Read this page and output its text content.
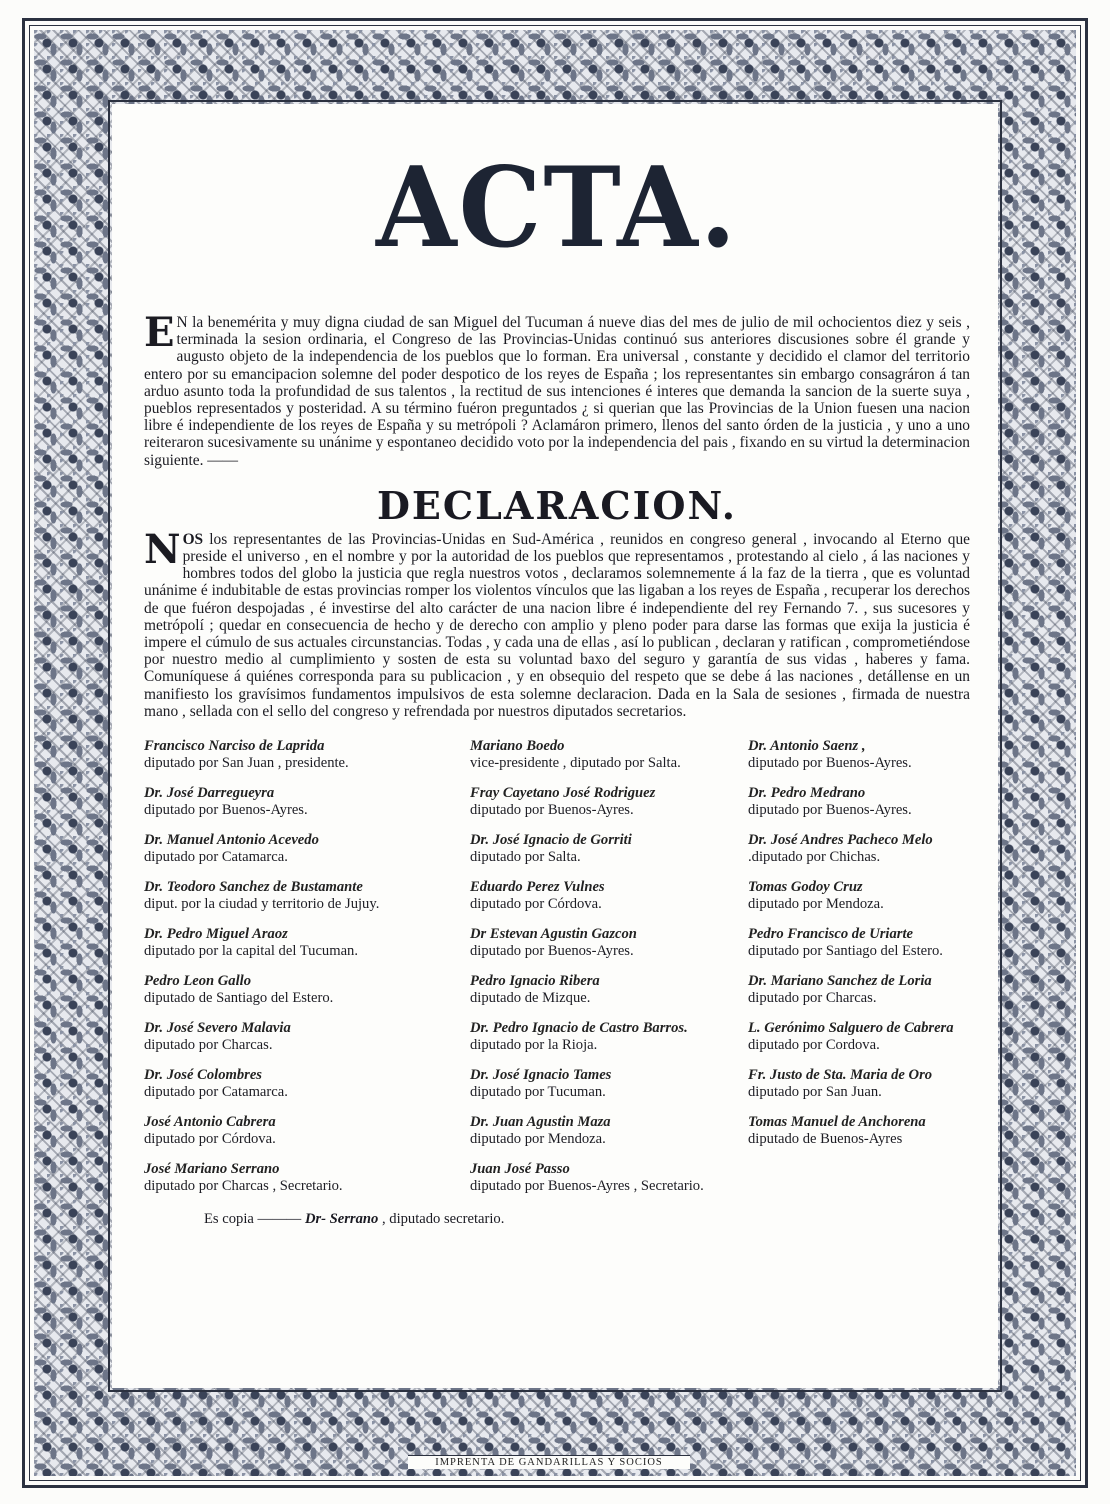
ACTA.

E N la benemérita y muy digna ciudad de san Miguel del Tucuman á nueve dias del mes de julio de mil ochocientos diez y seis , terminada la sesion ordinaria, el Congreso de las Provincias-Unidas continuó sus anteriores discusiones sobre él grande y augusto objeto de la independencia de los pueblos que lo forman. Era universal , constante y decidido el clamor del territorio entero por su emancipacion solemne del poder despotico de los reyes de España ; los representantes sin embargo consagráron á tan arduo asunto toda la profundidad de sus talentos , la rectitud de sus intenciones é interes que demanda la sancion de la suerte suya , pueblos representados y posteridad. A su término fuéron preguntados ¿ si querian que las Provincias de la Union fuesen una nacion libre é independiente de los reyes de España y su metrópoli ? Aclamáron primero, llenos del santo órden de la justicia , y uno a uno reiteraron sucesivamente su unánime y espontaneo decidido voto por la independencia del pais , fixando en su virtud la determinacion siguiente. ——

DECLARACION.

NOS los representantes de las Provincias-Unidas en Sud-América , reunidos en congreso general , invocando al Eterno que preside el universo , en el nombre y por la autoridad de los pueblos que representamos , protestando al cielo , á las naciones y hombres todos del globo la justicia que regla nuestros votos , declaramos solemnemente á la faz de la tierra , que es voluntad unánime é indubitable de estas provincias romper los violentos vínculos que las ligaban a los reyes de España , recuperar los derechos de que fuéron despojadas , é investirse del alto carácter de una nacion libre é independiente del rey Fernando 7. , sus sucesores y metrópolí ; quedar en consecuencia de hecho y de derecho con amplio y pleno poder para darse las formas que exija la justicia é impere el cúmulo de sus actuales circunstancias. Todas , y cada una de ellas , así lo publican , declaran y ratifican , comprometiéndose por nuestro medio al cumplimiento y sosten de esta su voluntad baxo del seguro y garantía de sus vidas , haberes y fama. Comuníquese á quiénes corresponda para su publicacion , y en obsequio del respeto que se debe á las naciones , detállense en un manifiesto los gravísimos fundamentos impulsivos de esta solemne declaracion. Dada en la Sala de sesiones , firmada de nuestra mano , sellada con el sello del congreso y refrendada por nuestros diputados secretarios.

Francisco Narciso de Laprida
diputado por San Juan , presidente.
Mariano Boedo
vice-presidente , diputado por Salta.
Dr. Antonio Saenz ,
diputado por Buenos-Ayres.
Dr. José Darregueyra
diputado por Buenos-Ayres.
Fray Cayetano José Rodriguez
diputado por Buenos-Ayres.
Dr. Pedro Medrano
diputado por Buenos-Ayres.
Dr. Manuel Antonio Acevedo
diputado por Catamarca.
Dr. José Ignacio de Gorriti
diputado por Salta.
Dr. José Andres Pacheco Melo
.diputado por Chichas.
Dr. Teodoro Sanchez de Bustamante
diput. por la ciudad y territorio de Jujuy.
Eduardo Perez Vulnes
diputado por Córdova.
Tomas Godoy Cruz
diputado por Mendoza.
Dr. Pedro Miguel Araoz
diputado por la capital del Tucuman.
Dr Estevan Agustin Gazcon
diputado por Buenos-Ayres.
Pedro Francisco de Uriarte
diputado por Santiago del Estero.
Pedro Leon Gallo
diputado de Santiago del Estero.
Pedro Ignacio Ribera
diputado de Mizque.
Dr. Mariano Sanchez de Loria
diputado por Charcas.
Dr. José Severo Malavia
diputado por Charcas.
Dr. Pedro Ignacio de Castro Barros.
diputado por la Rioja.
L. Gerónimo Salguero de Cabrera
diputado por Cordova.
Dr. José Colombres
diputado por Catamarca.
Dr. José Ignacio Tames
diputado por Tucuman.
Fr. Justo de Sta. Maria de Oro
diputado por San Juan.
José Antonio Cabrera
diputado por Córdova.
Dr. Juan Agustin Maza
diputado por Mendoza.
Tomas Manuel de Anchorena
diputado de Buenos-Ayres
José Mariano Serrano
diputado por Charcas , Secretario.
Juan José Passo
diputado por Buenos-Ayres , Secretario.
Es copia ——— Dr- Serrano , diputado secretario.
IMPRENTA DE GANDARILLAS Y SOCIOS
